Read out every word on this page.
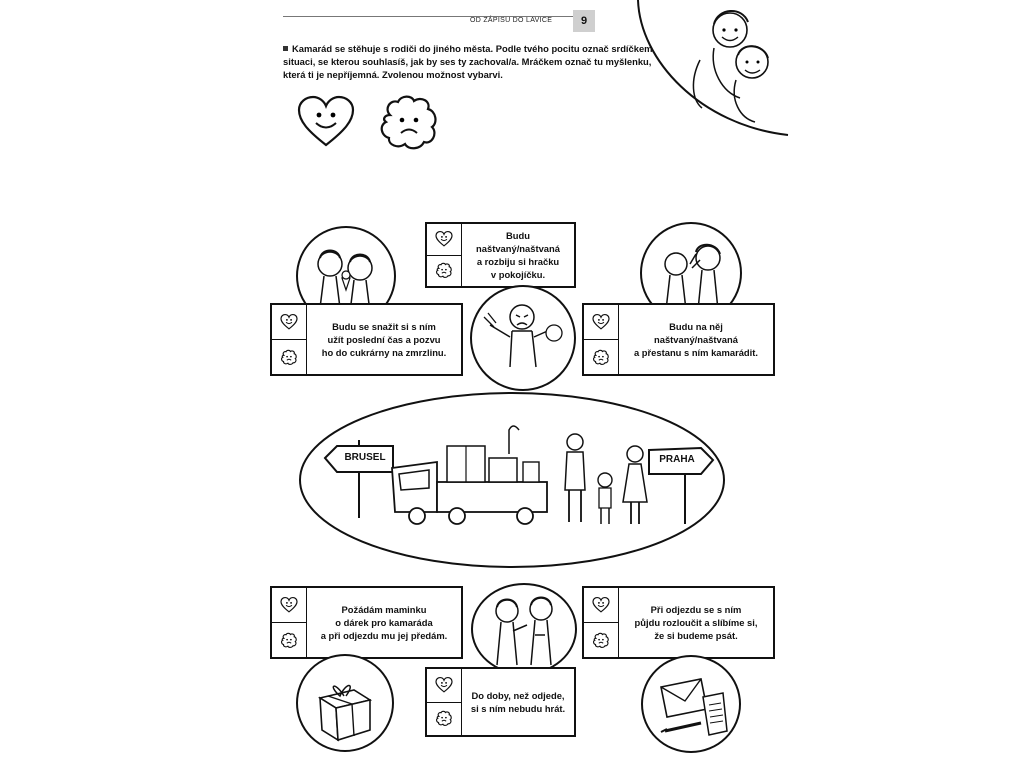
OD ZÁPISU DO LAVICE	9
Kamarád se stěhuje s rodiči do jiného města. Podle tvého pocitu označ srdíčkem situaci, se kterou souhlasíš, jak by ses ty zachoval/a. Mráčkem označ tu myšlenku, která ti je nepříjemná. Zvolenou možnost vybarvi.
Budu naštvaný/naštvaná
a rozbiju si hračku
v pokojíčku.
Budu se snažit si s ním
užít poslední čas a pozvu
ho do cukrárny na zmrzlinu.
Budu na něj
naštvaný/naštvaná
a přestanu s ním kamarádit.
BRUSEL	PRAHA
Požádám maminku
o dárek pro kamaráda
a při odjezdu mu jej předám.
Při odjezdu se s ním
půjdu rozloučit a slíbíme si,
že si budeme psát.
Do doby, než odjede,
si s ním nebudu hrát.
